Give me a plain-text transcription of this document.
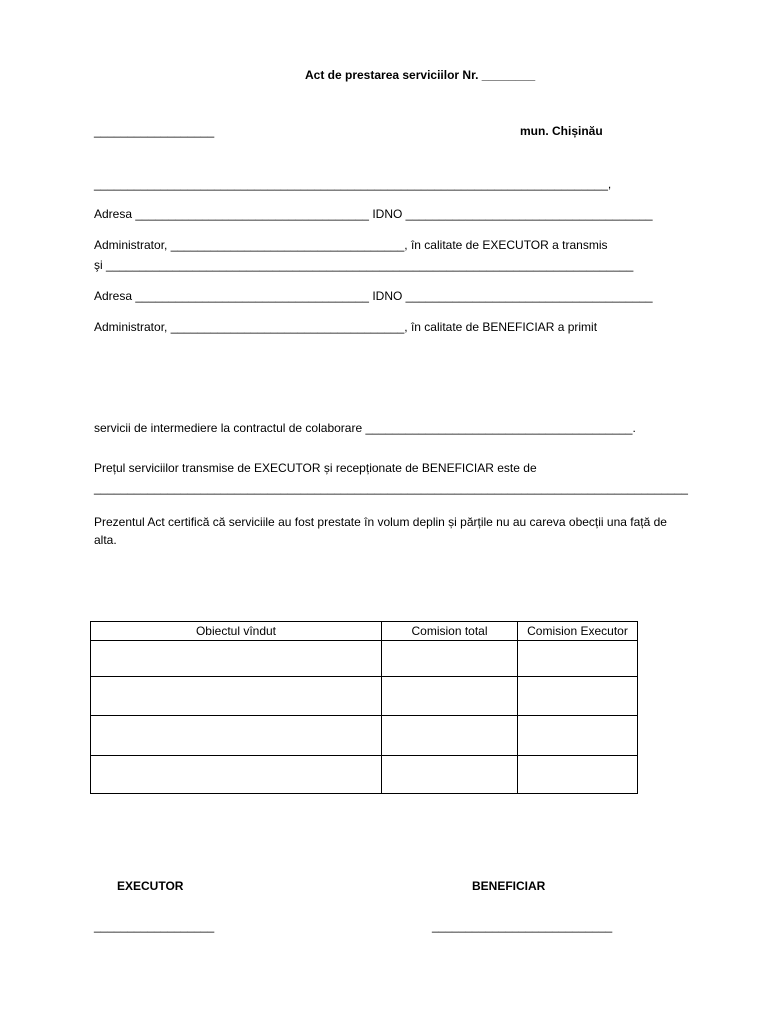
Act de prestarea serviciilor Nr. ________
__________________	mun. Chișinău
_____________________________________________________________________________,
Adresa ___________________________________ IDNO _____________________________________
Administrator, ___________________________________, în calitate de EXECUTOR a transmis
şi _______________________________________________________________________________
Adresa ___________________________________ IDNO _____________________________________
Administrator, ___________________________________, în calitate de BENEFICIAR a primit
servicii de intermediere la contractul de colaborare ________________________________________.
Prețul serviciilor transmise de EXECUTOR și recepționate de BENEFICIAR este de
_________________________________________________________________________________________
Prezentul Act certifică că serviciile au fost prestate în volum deplin și părțile nu au careva obecții una față de alta.
Obiectul vîndut	Comision total	Comision Executor

EXECUTOR	BENEFICIAR
__________________	___________________________
